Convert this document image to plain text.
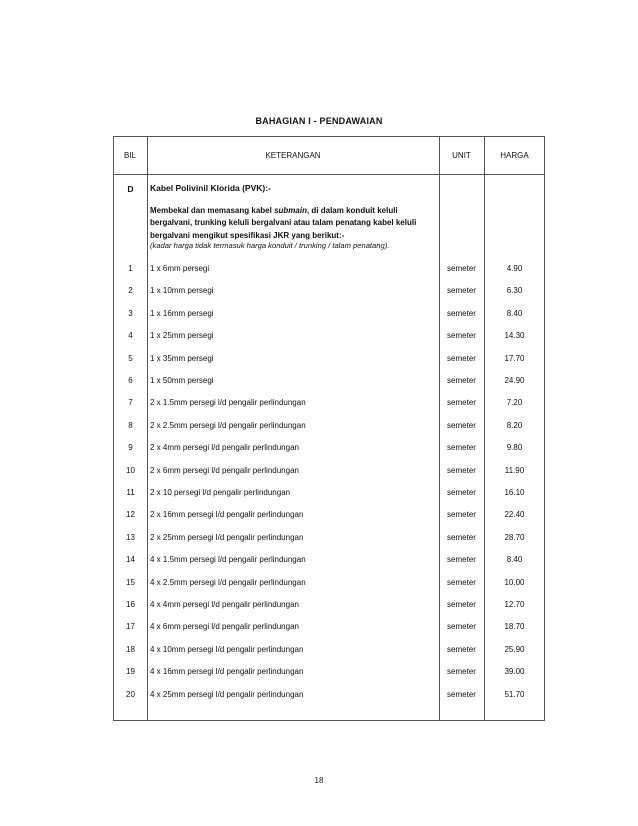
BAHAGIAN I - PENDAWAIAN
BIL	KETERANGAN	UNIT	HARGA
D	Kabel Polivinil Klorida (PVK):-
Membekal dan memasang kabel submain, di dalam konduit keluli bergalvani, trunking keluli bergalvani atau talam penatang kabel keluli bergalvani mengikut spesifikasi JKR yang berikut:-
(kadar harga tidak termasuk harga konduit / trunking / talam penatang).
1	1 x 6mm persegi	semeter	4.90
2	1 x 10mm persegi	semeter	6.30
3	1 x 16mm persegi	semeter	8.40
4	1 x 25mm persegi	semeter	14.30
5	1 x 35mm persegi	semeter	17.70
6	1 x 50mm persegi	semeter	24.90
7	2 x 1.5mm persegi l/d pengalir perlindungan	semeter	7.20
8	2 x 2.5mm persegi l/d pengalir perlindungan	semeter	8.20
9	2 x 4mm persegi l/d pengalir perlindungan	semeter	9.80
10	2 x 6mm persegi l/d pengalir perlindungan	semeter	11.90
11	2 x 10 persegi l/d pengalir perlindungan	semeter	16.10
12	2 x 16mm persegi l/d pengalir perlindungan	semeter	22.40
13	2 x 25mm persegi l/d pengalir perlindungan	semeter	28.70
14	4 x 1.5mm persegi l/d pengalir perlindungan	semeter	8.40
15	4 x 2.5mm persegi l/d pengalir perlindungan	semeter	10.00
16	4 x 4mm persegi l/d pengalir perlindungan	semeter	12.70
17	4 x 6mm persegi l/d pengalir perlindungan	semeter	18.70
18	4 x 10mm persegi l/d pengalir perlindungan	semeter	25.90
19	4 x 16mm persegi l/d pengalir perlindungan	semeter	39.00
20	4 x 25mm persegi l/d pengalir perlindungan	semeter	51.70
18
